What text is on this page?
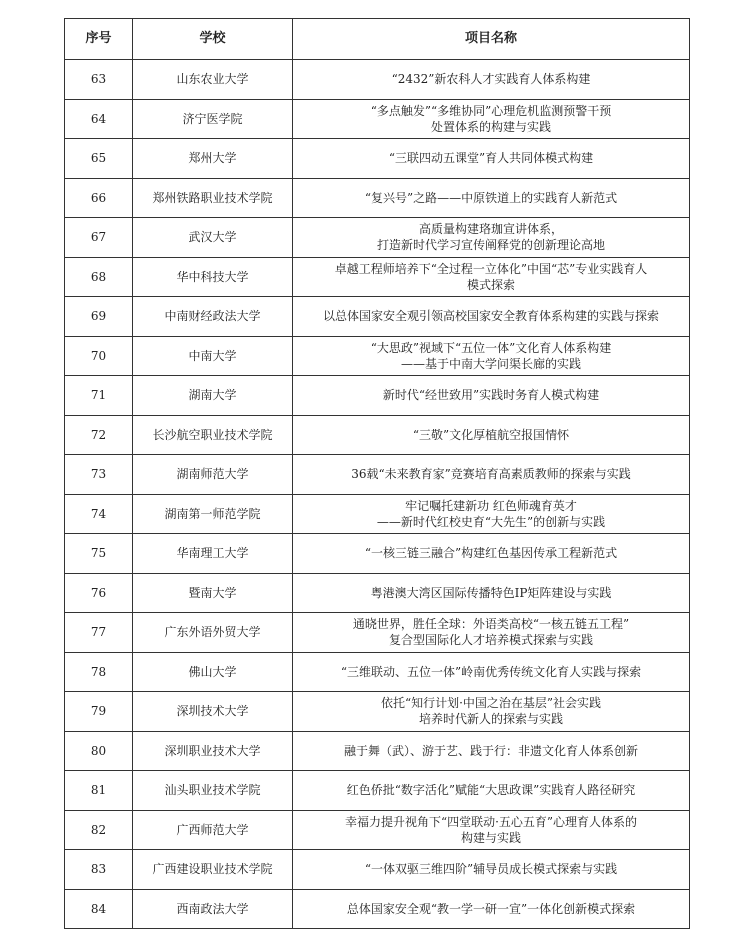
序号	学校	项目名称
63	山东农业大学	“2432”新农科人才实践育人体系构建
64	济宁医学院	“多点触发”“多维协同”心理危机监测预警干预
处置体系的构建与实践
65	郑州大学	“三联四动五课堂”育人共同体模式构建
66	郑州铁路职业技术学院	“复兴号”之路——中原铁道上的实践育人新范式
67	武汉大学	高质量构建珞珈宣讲体系，
打造新时代学习宣传阐释党的创新理论高地
68	华中科技大学	卓越工程师培养下“全过程一立体化”中国“芯”专业实践育人
模式探索
69	中南财经政法大学	以总体国家安全观引领高校国家安全教育体系构建的实践与探索
70	中南大学	“大思政”视域下“五位一体”文化育人体系构建
——基于中南大学问渠长廊的实践
71	湖南大学	新时代“经世致用”实践时务育人模式构建
72	长沙航空职业技术学院	“三敬”文化厚植航空报国情怀
73	湖南师范大学	36载“未来教育家”竞赛培育高素质教师的探索与实践
74	湖南第一师范学院	牢记嘱托建新功 红色师魂育英才
——新时代红校史育“大先生”的创新与实践
75	华南理工大学	“一核三链三融合”构建红色基因传承工程新范式
76	暨南大学	粤港澳大湾区国际传播特色IP矩阵建设与实践
77	广东外语外贸大学	通晓世界，胜任全球：外语类高校“一核五链五工程”
复合型国际化人才培养模式探索与实践
78	佛山大学	“三维联动、五位一体”岭南优秀传统文化育人实践与探索
79	深圳技术大学	依托“知行计划·中国之治在基层”社会实践
培养时代新人的探索与实践
80	深圳职业技术大学	融于舞（武）、游于艺、践于行：非遗文化育人体系创新
81	汕头职业技术学院	红色侨批“数字活化”赋能“大思政课”实践育人路径研究
82	广西师范大学	幸福力提升视角下“四堂联动·五心五育”心理育人体系的
构建与实践
83	广西建设职业技术学院	“一体双驱三维四阶”辅导员成长模式探索与实践
84	西南政法大学	总体国家安全观“教一学一研一宣”一体化创新模式探索
